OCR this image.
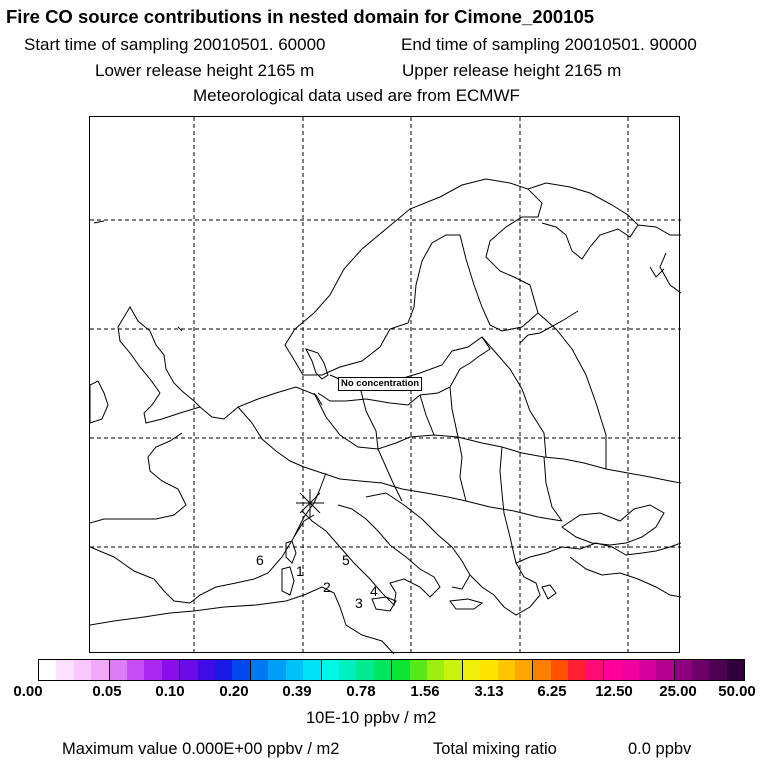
Fire CO source contributions in nested domain for Cimone_200105
Start time of sampling 20010501. 60000	End time of sampling 20010501. 90000
Lower release height 2165 m	Upper release height 2165 m
Meteorological data used are from ECMWF
1
2
3
4
5
6
No concentration
0.00	0.05 0.10 0.20 0.39 0.78 1.56 3.13 6.25 12.50 25.00 50.00
10E-10 ppbv / m2
Maximum value 0.000E+00 ppbv / m2	Total mixing ratio	0.0 ppbv
